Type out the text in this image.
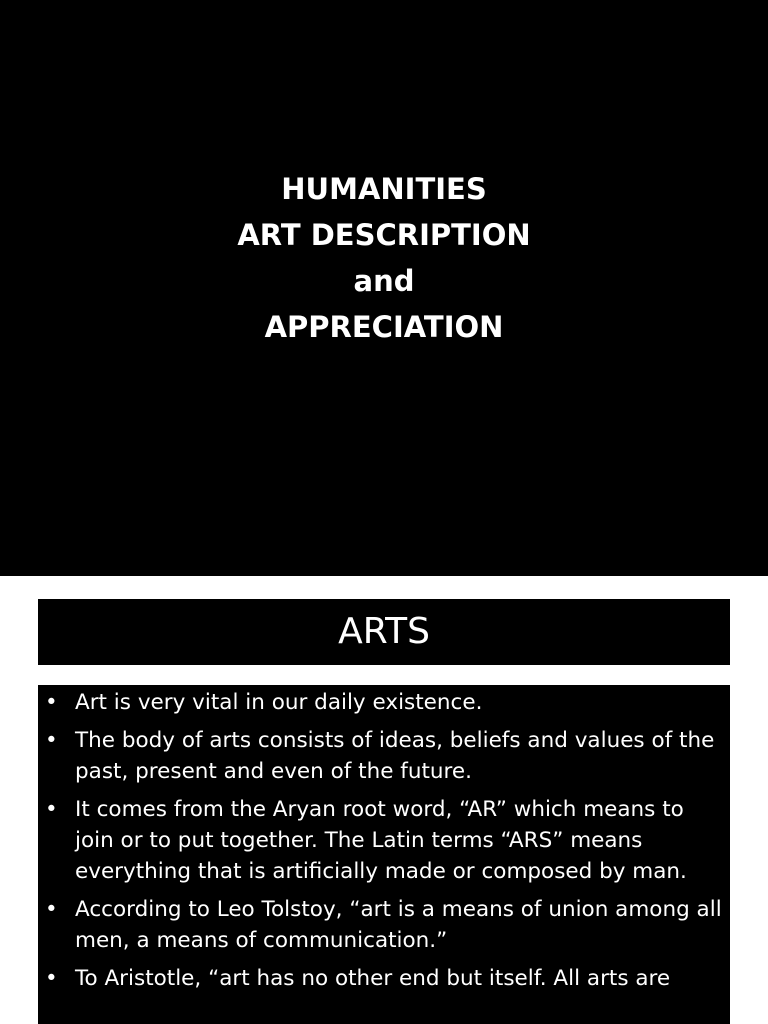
HUMANITIES
ART DESCRIPTION
and
APPRECIATION
ARTS
• Art is very vital in our daily existence.
• The body of arts consists of ideas, beliefs and values of the past, present and even of the future.
• It comes from the Aryan root word, “AR” which means to join or to put together. The Latin terms “ARS” means everything that is artificially made or composed by man.
• According to Leo Tolstoy, “art is a means of union among all men, a means of communication.”
• To Aristotle, “art has no other end but itself. All arts are
